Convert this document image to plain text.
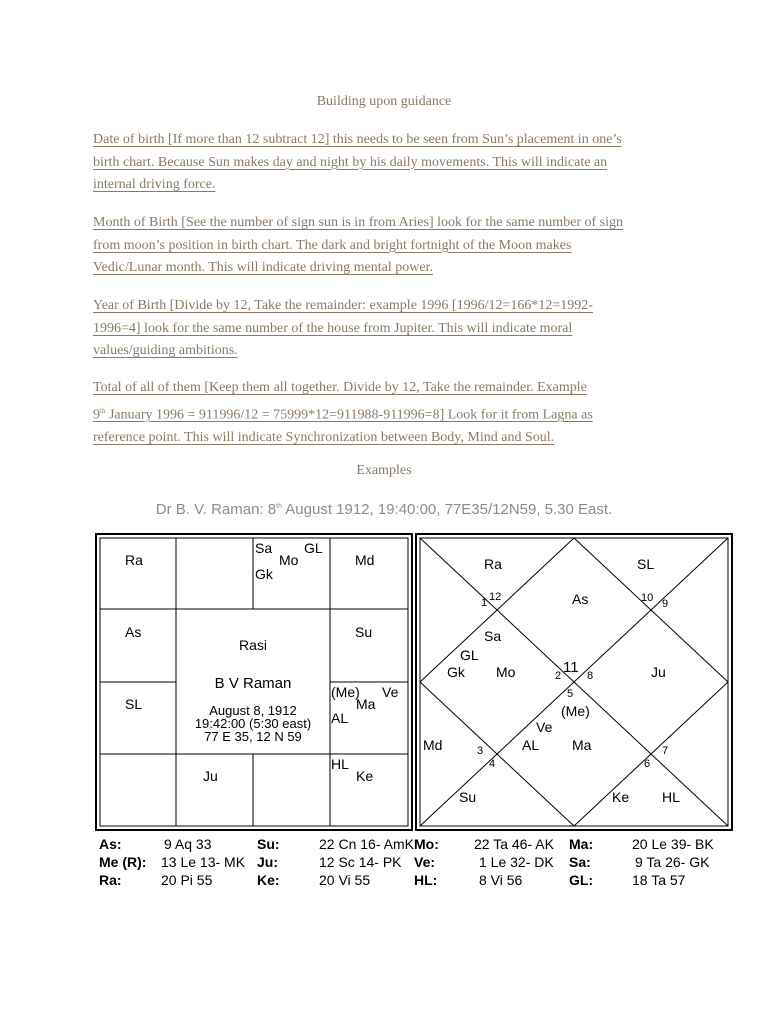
Building upon guidance
Date of birth [If more than 12 subtract 12] this needs to be seen from Sun’s placement in one’s
birth chart. Because Sun makes day and night by his daily movements. This will indicate an
internal driving force.
Month of Birth [See the number of sign sun is in from Aries] look for the same number of sign
from moon’s position in birth chart. The dark and bright fortnight of the Moon makes
Vedic/Lunar month. This will indicate driving mental power.
Year of Birth [Divide by 12, Take the remainder: example 1996 [1996/12=166*12=1992-
1996=4] look for the same number of the house from Jupiter. This will indicate moral
values/guiding ambitions.
Total of all of them [Keep them all together. Divide by 12, Take the remainder. Example
9th January 1996 = 911996/12 = 75999*12=911988-911996=8] Look for it from Lagna as
reference point. This will indicate Synchronization between Body, Mind and Soul.
Examples
Dr B. V. Raman: 8th August 1912, 19:40:00, 77E35/12N59, 5.30 East.
Ra
Sa GL
Mo
Gk
Md
As	Su
SL
(Me) Ve
AL
Ma
Ju
HL
Ke
Rasi
B V Raman
August 8, 1912
19:42:00 (5:30 east)
77 E 35, 12 N 59
1 12	10 9
2 11 8
5
3
4
7
6
Ra	SL
As
Sa
GL
Gk Mo	Ju
(Me)
Ve
AL Ma
Md
Su	Ke HL
As:	9 Aq 33	Su:	22 Cn 16- AmK Mo:	22 Ta 46- AK Ma:	20 Le 39- BK
Me (R): 13 Le 13- MK Ju:	12 Sc 14- PK Ve:	1 Le 32- DK Sa:	9 Ta 26- GK
Ra:	20 Pi 55	Ke:	20 Vi 55	HL:	8 Vi 56	GL:	18 Ta 57
